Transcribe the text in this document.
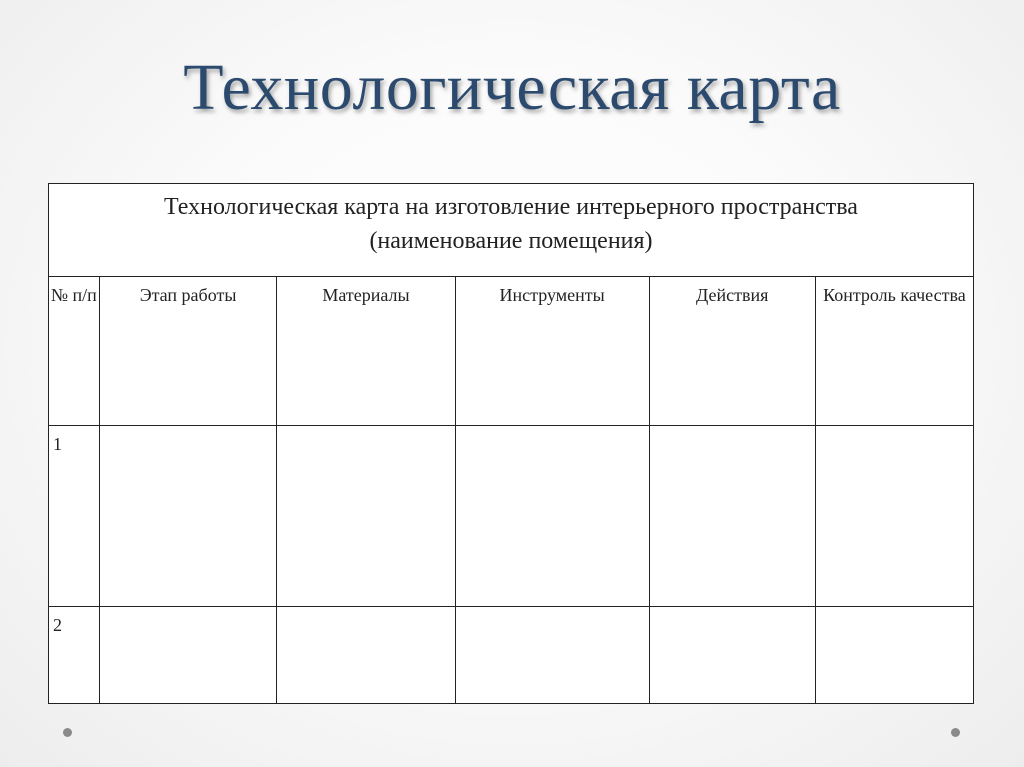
Технологическая карта
Технологическая карта на изготовление интерьерного пространства
(наименование помещения)					

№ п/п	Этап работы	Материалы	Инструменты	Действия	Контроль качества
1					
2					
